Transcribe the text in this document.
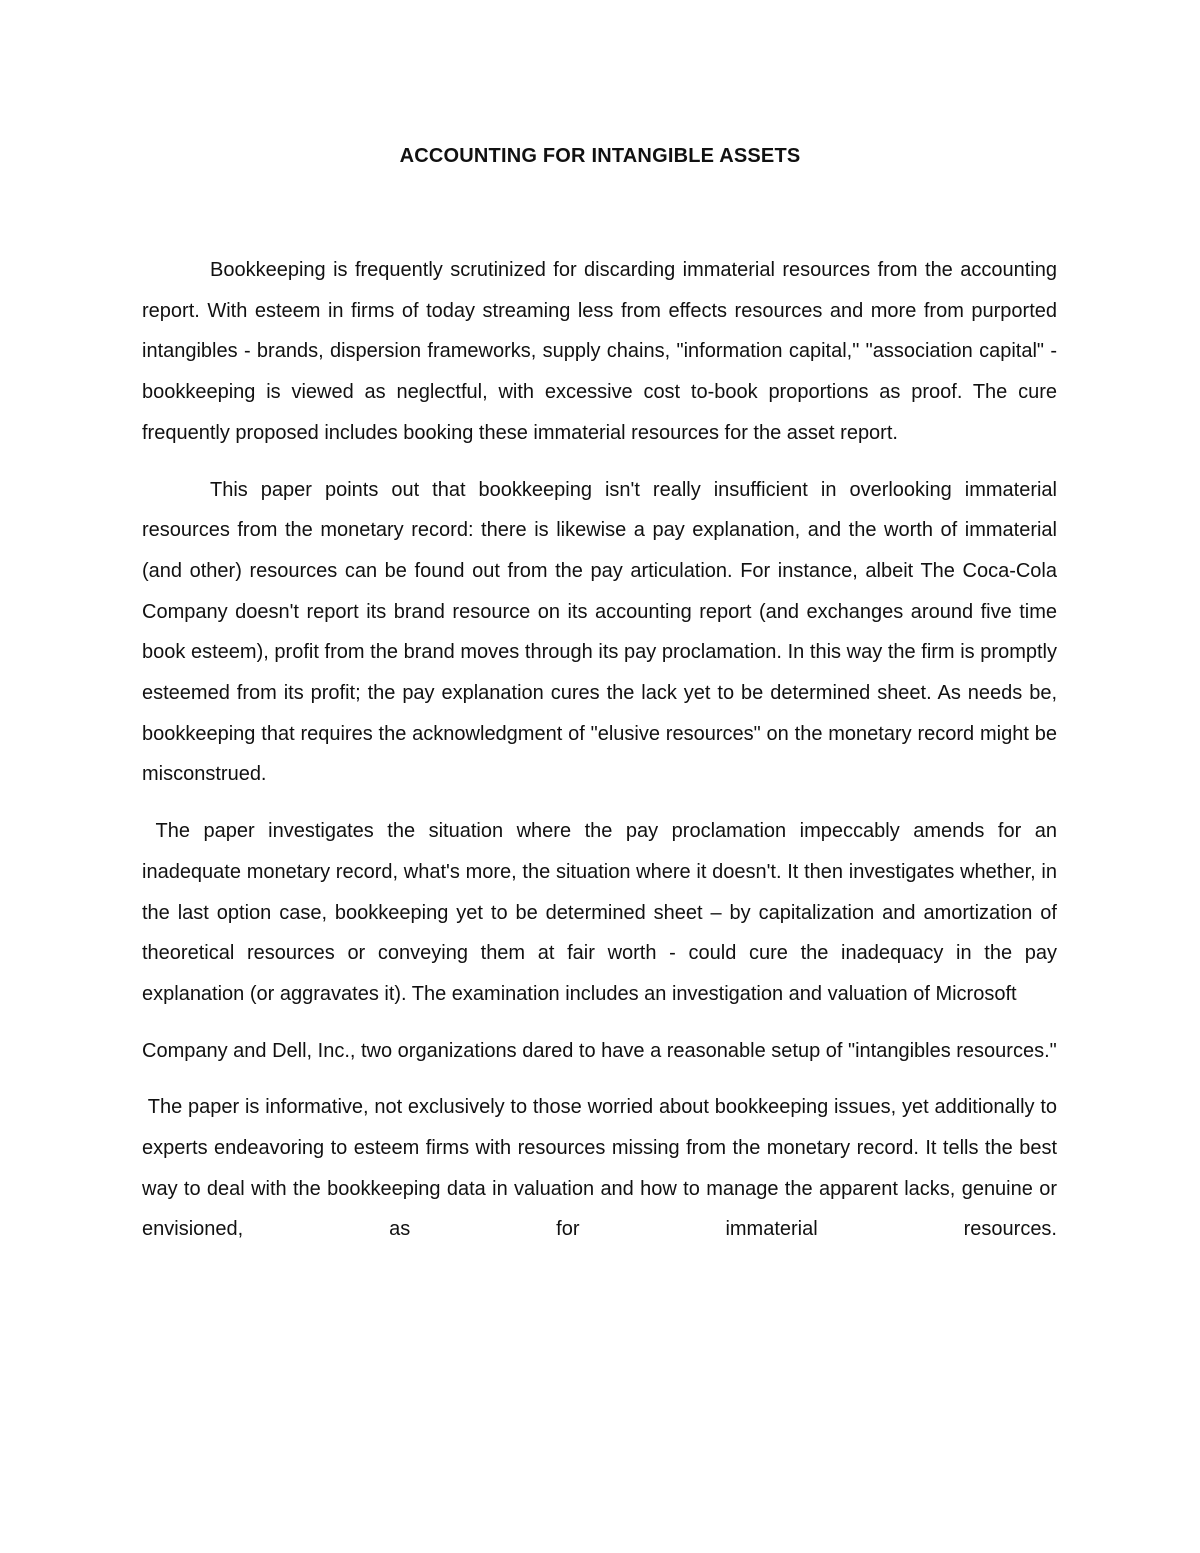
ACCOUNTING FOR INTANGIBLE ASSETS

Bookkeeping is frequently scrutinized for discarding immaterial resources from the accounting report. With esteem in firms of today streaming less from effects resources and more from purported intangibles - brands, dispersion frameworks, supply chains, "information capital," "association capital" - bookkeeping is viewed as neglectful, with excessive cost to-book proportions as proof. The cure frequently proposed includes booking these immaterial resources for the asset report.

This paper points out that bookkeeping isn't really insufficient in overlooking immaterial resources from the monetary record: there is likewise a pay explanation, and the worth of immaterial (and other) resources can be found out from the pay articulation. For instance, albeit The Coca-Cola Company doesn't report its brand resource on its accounting report (and exchanges around five time book esteem), profit from the brand moves through its pay proclamation. In this way the firm is promptly esteemed from its profit; the pay explanation cures the lack yet to be determined sheet. As needs be, bookkeeping that requires the acknowledgment of "elusive resources" on the monetary record might be misconstrued.

The paper investigates the situation where the pay proclamation impeccably amends for an inadequate monetary record, what's more, the situation where it doesn't. It then investigates whether, in the last option case, bookkeeping yet to be determined sheet – by capitalization and amortization of theoretical resources or conveying them at fair worth - could cure the inadequacy in the pay explanation (or aggravates it). The examination includes an investigation and valuation of Microsoft

Company and Dell, Inc., two organizations dared to have a reasonable setup of "intangibles resources."

The paper is informative, not exclusively to those worried about bookkeeping issues, yet additionally to experts endeavoring to esteem firms with resources missing from the monetary record. It tells the best way to deal with the bookkeeping data in valuation and how to manage the apparent lacks, genuine or envisioned, as for immaterial resources.
